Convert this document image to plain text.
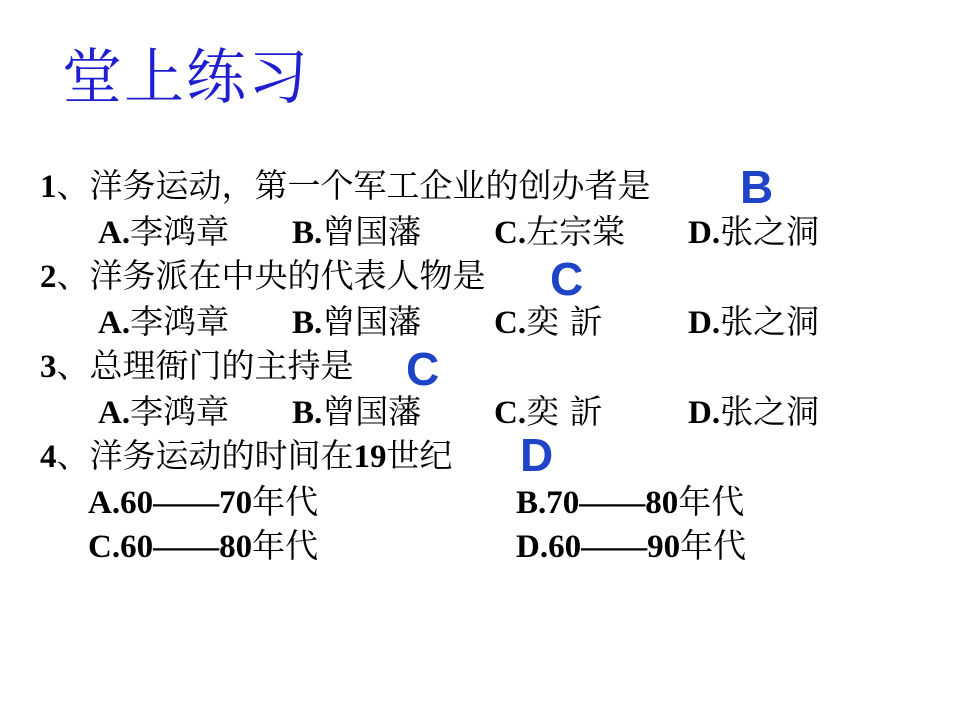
堂上练习
1、洋务运动，第一个军工企业的创办者是 B
A.李鸿章 B.曾国藩 C.左宗棠 D.张之洞
2、洋务派在中央的代表人物是 C
A.李鸿章 B.曾国藩 C.奕 訢	D.张之洞
3、总理衙门的主持是 C
A.李鸿章 B.曾国藩 C.奕 訢	D.张之洞
4、洋务运动的时间在19世纪 D
A.60——70年代	B.70——80年代
C.60——80年代	D.60——90年代
